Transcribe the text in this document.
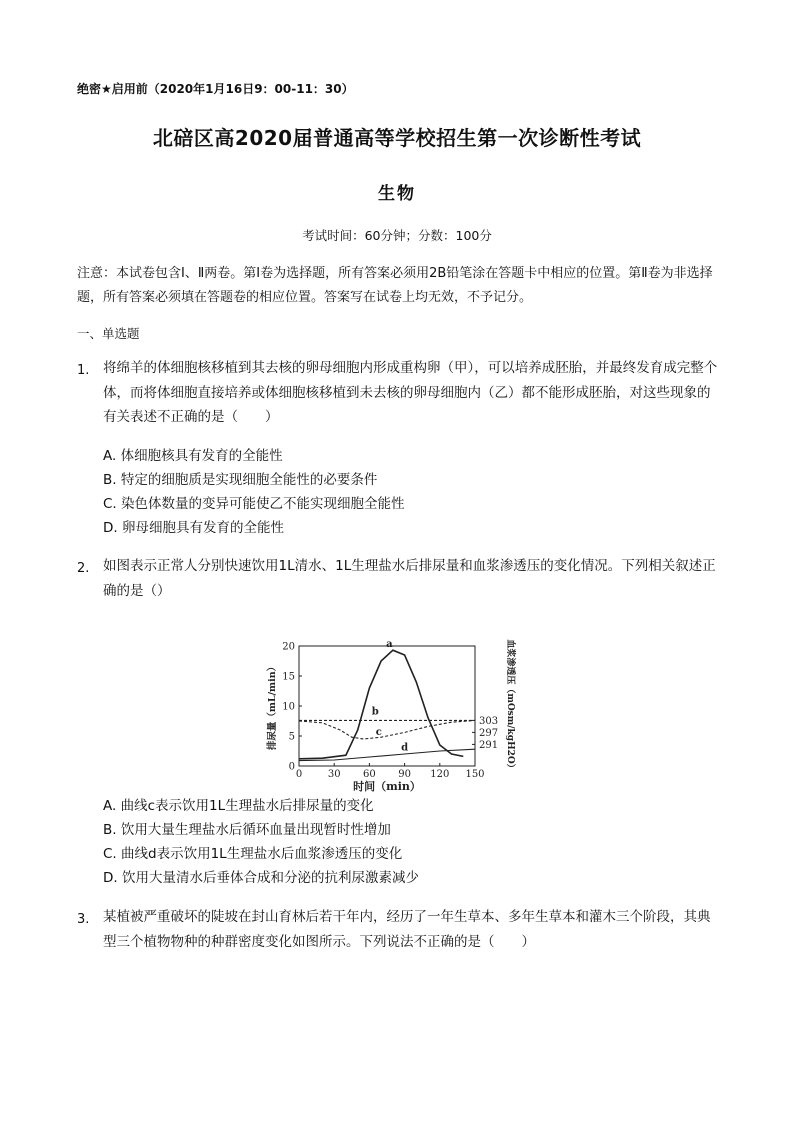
绝密★启用前（2020年1月16日9：00-11：30）
北碚区高2020届普通高等学校招生第一次诊断性考试
生物
考试时间：60分钟；分数：100分
注意：本试卷包含Ⅰ、Ⅱ两卷。第Ⅰ卷为选择题，所有答案必须用2B铅笔涂在答题卡中相应的位置。第Ⅱ卷为非选择题，所有答案必须填在答题卷的相应位置。答案写在试卷上均无效，不予记分。
一、单选题
1. 将绵羊的体细胞核移植到其去核的卵母细胞内形成重构卵（甲），可以培养成胚胎，并最终发育成完整个体，而将体细胞直接培养或体细胞核移植到未去核的卵母细胞内（乙）都不能形成胚胎，对这些现象的有关表述不正确的是（　　）
A. 体细胞核具有发育的全能性
B. 特定的细胞质是实现细胞全能性的必要条件
C. 染色体数量的变异可能使乙不能实现细胞全能性
D. 卵母细胞具有发育的全能性
2. 如图表示正常人分别快速饮用1L清水、1L生理盐水后排尿量和血浆渗透压的变化情况。下列相关叙述正确的是（）
0	30 60 90 120 150
0
5
10
15
20
291
297
303
时间（min）
排尿量（mL/min）	血浆渗透压（mOsm/kgH2O）
a
b
c
d
A. 曲线c表示饮用1L生理盐水后排尿量的变化
B. 饮用大量生理盐水后循环血量出现暂时性增加
C. 曲线d表示饮用1L生理盐水后血浆渗透压的变化
D. 饮用大量清水后垂体合成和分泌的抗利尿激素减少
3. 某植被严重破坏的陡坡在封山育林后若干年内，经历了一年生草本、多年生草本和灌木三个阶段，其典型三个植物物种的种群密度变化如图所示。下列说法不正确的是（　　）
